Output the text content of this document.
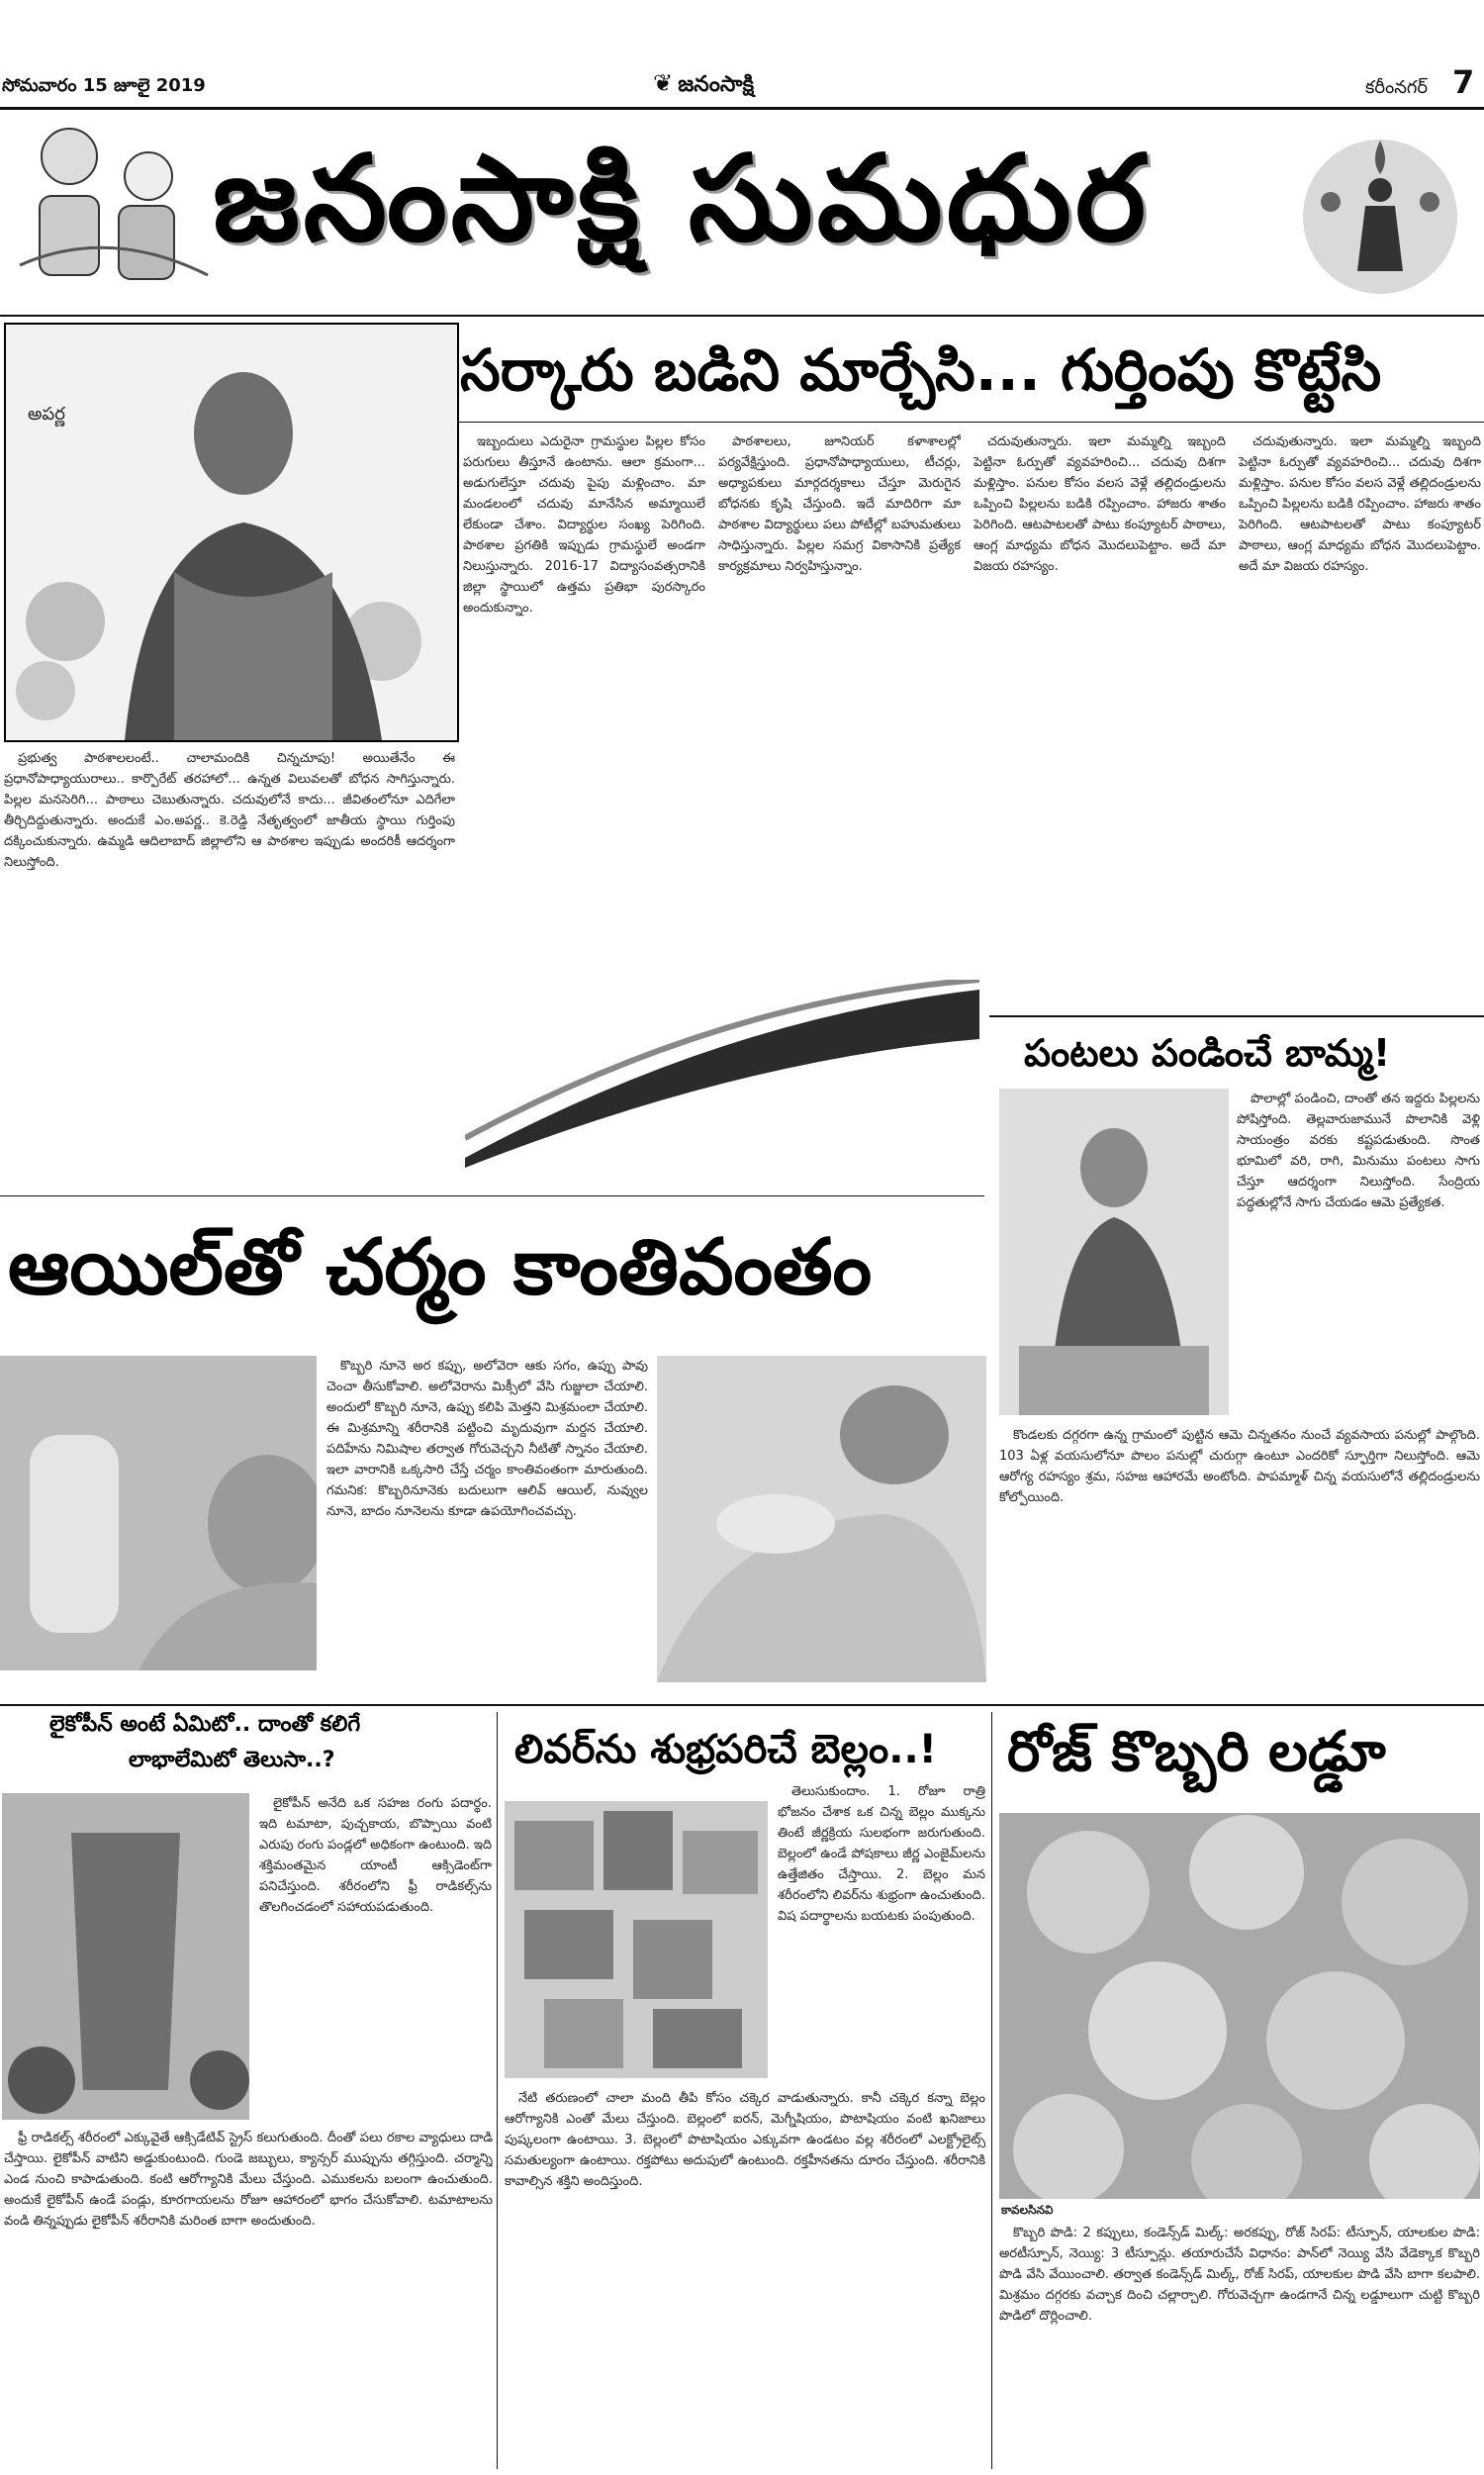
సోమవారం 15 జూలై 2019	❦ జనంసాక్షి	కరీంనగర్ 7
జనంసాక్షి సుమధుర
అపర్ణ
సర్కారు బడిని మార్చేసి... గుర్తింపు కొట్టేసి

ఇబ్బందులు ఎదురైనా గ్రామస్థుల పిల్లల కోసం పరుగులు తీస్తూనే ఉంటాను. ఆలా క్రమంగా... అడుగులేస్తూ చదువు పైపు మళ్లించాం. మా మండలంలో చదువు మానేసిన అమ్మాయిలే లేకుండా చేశాం. విద్యార్థుల సంఖ్య పెరిగింది. పాఠశాల ప్రగతికి ఇప్పుడు గ్రామస్థులే అండగా నిలుస్తున్నారు. 2016-17 విద్యాసంవత్సరానికి జిల్లా స్థాయిలో ఉత్తమ ప్రతిభా పురస్కారం అందుకున్నాం.

పాఠశాలలు, జూనియర్‌ కళాశాలల్లో పర్యవేక్షిస్తుంది. ప్రధానోపాధ్యాయులు, టీచర్లు, అధ్యాపకులు మార్గదర్శకాలు చేస్తూ మెరుగైన బోధనకు కృషి చేస్తుంది. ఇదే మాదిరిగా మా పాఠశాల విద్యార్థులు పలు పోటీల్లో బహుమతులు సాధిస్తున్నారు. పిల్లల సమగ్ర వికాసానికి ప్రత్యేక కార్యక్రమాలు నిర్వహిస్తున్నాం.

చదువుతున్నారు. ఇలా మమ్మల్ని ఇబ్బంది పెట్టినా ఓర్పుతో వ్యవహరించి... చదువు దిశగా మళ్లిస్తాం. పనుల కోసం వలస వెళ్లే తల్లిదండ్రులను ఒప్పించి పిల్లలను బడికి రప్పించాం. హాజరు శాతం పెరిగింది. ఆటపాటలతో పాటు కంప్యూటర్‌ పాఠాలు, ఆంగ్ల మాధ్యమ బోధన మొదలుపెట్టాం. అదే మా విజయ రహస్యం.

చదువుతున్నారు. ఇలా మమ్మల్ని ఇబ్బంది పెట్టినా ఓర్పుతో వ్యవహరించి... చదువు దిశగా మళ్లిస్తాం. పనుల కోసం వలస వెళ్లే తల్లిదండ్రులను ఒప్పించి పిల్లలను బడికి రప్పించాం. హాజరు శాతం పెరిగింది. ఆటపాటలతో పాటు కంప్యూటర్‌ పాఠాలు, ఆంగ్ల మాధ్యమ బోధన మొదలుపెట్టాం. అదే మా విజయ రహస్యం.

ప్రభుత్వ పాఠశాలలంటే.. చాలామందికి చిన్నచూపు! అయితేనేం ఈ ప్రధానోపాధ్యాయురాలు.. కార్పొరేట్‌ తరహాలో... ఉన్నత విలువలతో బోధన సాగిస్తున్నారు. పిల్లల మనసెరిగి... పాఠాలు చెబుతున్నారు. చదువులోనే కాదు... జీవితంలోనూ ఎదిగేలా తీర్చిదిద్దుతున్నారు. అందుకే ఎం.అపర్ణ.. కె.రెడ్డి నేతృత్వంలో జాతీయ స్థాయి గుర్తింపు దక్కించుకున్నారు. ఉమ్మడి ఆదిలాబాద్‌ జిల్లాలోని ఆ పాఠశాల ఇప్పుడు అందరికీ ఆదర్శంగా నిలుస్తోంది.

పంటలు పండించే బామ్మ!

పొలాల్లో పండించి, దాంతో తన ఇద్దరు పిల్లలను పోషిస్తోంది. తెల్లవారుజామునే పొలానికి వెళ్లి సాయంత్రం వరకు కష్టపడుతుంది. సొంత భూమిలో వరి, రాగి, మినుము పంటలు సాగు చేస్తూ ఆదర్శంగా నిలుస్తోంది. సేంద్రియ పద్ధతుల్లోనే సాగు చేయడం ఆమె ప్రత్యేకత.

కొండలకు దగ్గరగా ఉన్న గ్రామంలో పుట్టిన ఆమె చిన్నతనం నుంచే వ్యవసాయ పనుల్లో పాల్గొంది. 103 ఏళ్ల వయసులోనూ పొలం పనుల్లో చురుగ్గా ఉంటూ ఎందరికో స్ఫూర్తిగా నిలుస్తోంది. ఆమె ఆరోగ్య రహస్యం శ్రమ, సహజ ఆహారమే అంటోంది. పాపమ్మాళ్‌ చిన్న వయసులోనే తల్లిదండ్రులను కోల్పోయింది.

ఆయిల్‌తో చర్మం కాంతివంతం

కొబ్బరి నూనె అర కప్పు, అలోవెరా ఆకు సగం, ఉప్పు పావు చెంచా తీసుకోవాలి. అలోవెరాను మిక్సీలో వేసి గుజ్జులా చేయాలి. అందులో కొబ్బరి నూనె, ఉప్పు కలిపి మెత్తని మిశ్రమంలా చేయాలి. ఈ మిశ్రమాన్ని శరీరానికి పట్టించి మృదువుగా మర్దన చేయాలి. పదిహేను నిమిషాల తర్వాత గోరువెచ్చని నీటితో స్నానం చేయాలి. ఇలా వారానికి ఒక్కసారి చేస్తే చర్మం కాంతివంతంగా మారుతుంది. గమనిక: కొబ్బరినూనెకు బదులుగా ఆలివ్‌ ఆయిల్‌, నువ్వుల నూనె, బాదం నూనెలను కూడా ఉపయోగించవచ్చు.

లైకోపీన్‌ అంటే ఏమిటో.. దాంతో కలిగే
లాభాలేమిటో తెలుసా..?

లైకోపీన్‌ అనేది ఒక సహజ రంగు పదార్థం. ఇది టమాటా, పుచ్చకాయ, బొప్పాయి వంటి ఎరుపు రంగు పండ్లలో అధికంగా ఉంటుంది. ఇది శక్తిమంతమైన యాంటీ ఆక్సిడెంట్‌గా పనిచేస్తుంది. శరీరంలోని ఫ్రీ రాడికల్స్‌ను తొలగించడంలో సహాయపడుతుంది.

ఫ్రీ రాడికల్స్‌ శరీరంలో ఎక్కువైతే ఆక్సిడేటివ్‌ స్ట్రెస్‌ కలుగుతుంది. దీంతో పలు రకాల వ్యాధులు దాడి చేస్తాయి. లైకోపీన్‌ వాటిని అడ్డుకుంటుంది. గుండె జబ్బులు, క్యాన్సర్‌ ముప్పును తగ్గిస్తుంది. చర్మాన్ని ఎండ నుంచి కాపాడుతుంది. కంటి ఆరోగ్యానికి మేలు చేస్తుంది. ఎముకలను బలంగా ఉంచుతుంది. అందుకే లైకోపీన్‌ ఉండే పండ్లు, కూరగాయలను రోజూ ఆహారంలో భాగం చేసుకోవాలి. టమాటాలను వండి తిన్నప్పుడు లైకోపీన్‌ శరీరానికి మరింత బాగా అందుతుంది.

లివర్‌ను శుభ్రపరిచే బెల్లం..!

తెలుసుకుందాం. 1. రోజూ రాత్రి భోజనం చేశాక ఒక చిన్న బెల్లం ముక్కను తింటే జీర్ణక్రియ సులభంగా జరుగుతుంది. బెల్లంలో ఉండే పోషకాలు జీర్ణ ఎంజైమ్‌లను ఉత్తేజితం చేస్తాయి. 2. బెల్లం మన శరీరంలోని లివర్‌ను శుభ్రంగా ఉంచుతుంది. విష పదార్థాలను బయటకు పంపుతుంది.

నేటి తరుణంలో చాలా మంది తీపి కోసం చక్కెర వాడుతున్నారు. కానీ చక్కెర కన్నా బెల్లం ఆరోగ్యానికి ఎంతో మేలు చేస్తుంది. బెల్లంలో ఐరన్‌, మెగ్నీషియం, పొటాషియం వంటి ఖనిజాలు పుష్కలంగా ఉంటాయి. 3. బెల్లంలో పొటాషియం ఎక్కువగా ఉండటం వల్ల శరీరంలో ఎలక్ట్రోలైట్స్‌ సమతుల్యంగా ఉంటాయి. రక్తపోటు అదుపులో ఉంటుంది. రక్తహీనతను దూరం చేస్తుంది. శరీరానికి కావాల్సిన శక్తిని అందిస్తుంది.

రోజ్‌ కొబ్బరి లడ్డూ
కావలసినవి

కొబ్బరి పొడి: 2 కప్పులు, కండెన్స్‌డ్‌ మిల్క్‌: అరకప్పు, రోజ్‌ సిరప్‌: టీస్పూన్‌, యాలకుల పొడి: అరటీస్పూన్‌, నెయ్యి: 3 టీస్పూన్లు. తయారుచేసే విధానం: పాన్‌లో నెయ్యి వేసి వేడెక్కాక కొబ్బరి పొడి వేసి వేయించాలి. తర్వాత కండెన్స్‌డ్‌ మిల్క్‌, రోజ్‌ సిరప్‌, యాలకుల పొడి వేసి బాగా కలపాలి. మిశ్రమం దగ్గరకు వచ్చాక దించి చల్లార్చాలి. గోరువెచ్చగా ఉండగానే చిన్న లడ్డూలుగా చుట్టి కొబ్బరి పొడిలో దొర్లించాలి.
